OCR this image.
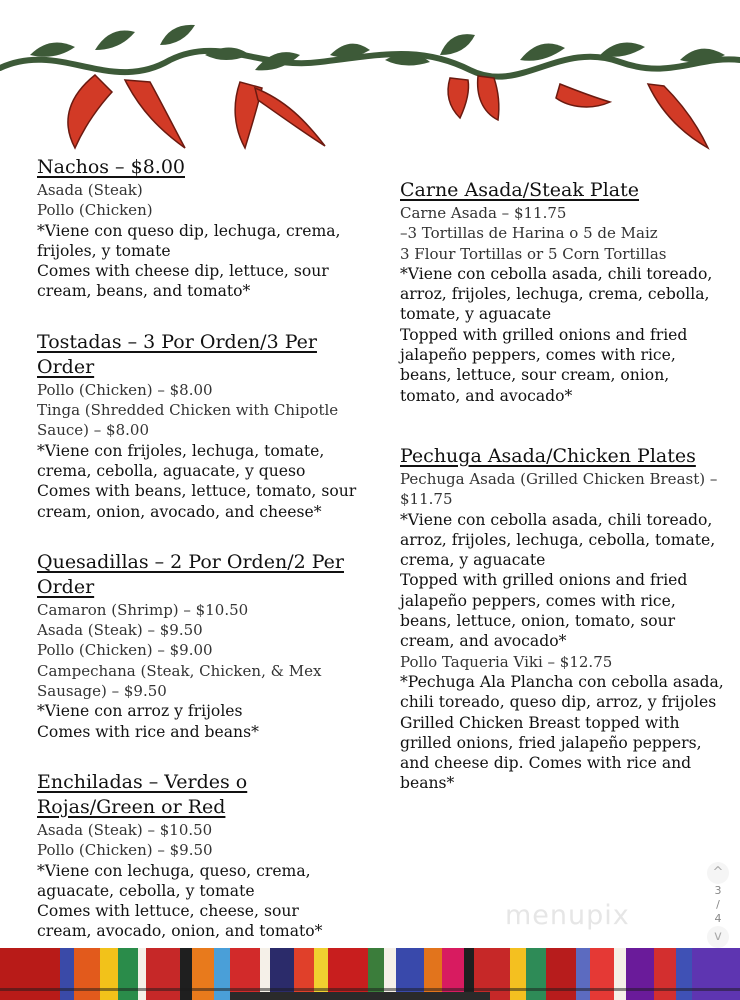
Nachos – $8.00
Asada (Steak)
Pollo (Chicken)
*Viene con queso dip, lechuga, crema, frijoles, y tomate
Comes with cheese dip, lettuce, sour cream, beans, and tomato*
Tostadas – 3 Por Orden/3 Per Order
Pollo (Chicken) – $8.00
Tinga (Shredded Chicken with Chipotle Sauce) – $8.00
*Viene con frijoles, lechuga, tomate, crema, cebolla, aguacate, y queso
Comes with beans, lettuce, tomato, sour cream, onion, avocado, and cheese*
Quesadillas – 2 Por Orden/2 Per Order
Camaron (Shrimp) – $10.50
Asada (Steak) – $9.50
Pollo (Chicken) – $9.00
Campechana (Steak, Chicken, & Mex Sausage) – $9.50
*Viene con arroz y frijoles
Comes with rice and beans*
Enchiladas – Verdes o Rojas/Green or Red
Asada (Steak) – $10.50
Pollo (Chicken) – $9.50
*Viene con lechuga, queso, crema, aguacate, cebolla, y tomate
Comes with lettuce, cheese, sour cream, avocado, onion, and tomato*
Carne Asada/Steak Plate
Carne Asada – $11.75
–3 Tortillas de Harina o 5 de Maiz
3 Flour Tortillas or 5 Corn Tortillas
*Viene con cebolla asada, chili toreado, arroz, frijoles, lechuga, crema, cebolla, tomate, y aguacate
Topped with grilled onions and fried jalapeño peppers, comes with rice, beans, lettuce, sour cream, onion, tomato, and avocado*
Pechuga Asada/Chicken Plates
Pechuga Asada (Grilled Chicken Breast) – $11.75
*Viene con cebolla asada, chili toreado, arroz, frijoles, lechuga, cebolla, tomate, crema, y aguacate
Topped with grilled onions and fried jalapeño peppers, comes with rice, beans, lettuce, onion, tomato, sour cream, and avocado*
Pollo Taqueria Viki – $12.75
*Pechuga Ala Plancha con cebolla asada, chili toreado, queso dip, arroz, y frijoles Grilled Chicken Breast topped with grilled onions, fried jalapeño peppers, and cheese dip. Comes with rice and beans*
menupix
^
3
/
4
v
